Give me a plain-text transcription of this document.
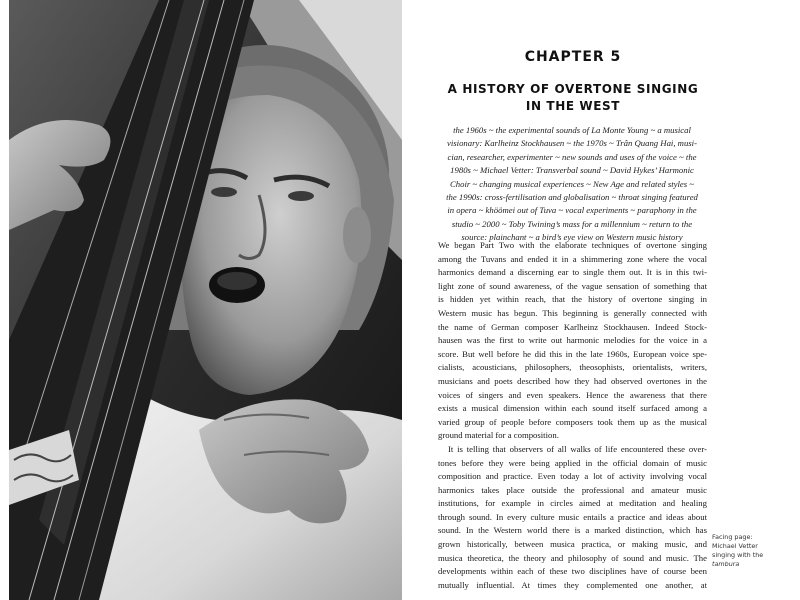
CHAPTER 5
A HISTORY OF OVERTONE SINGING
IN THE WEST

the 1960s ~ the experimental sounds of La Monte Young ~ a musical
visionary: Karlheinz Stockhausen ~ the 1970s ~ Trân Quang Hai, musi-
cian, researcher, experimenter ~ new sounds and uses of the voice ~ the
1980s ~ Michael Vetter: Transverbal sound ~ David Hykes’ Harmonic
Choir ~ changing musical experiences ~ New Age and related styles ~
the 1990s: cross-fertilisation and globalisation ~ throat singing featured
in opera ~ khöömei out of Tuva ~ vocal experiments ~ paraphony in the
studio ~ 2000 ~ Toby Twining’s mass for a millennium ~ return to the
source: plainchant ~ a bird’s eye view on Western music history

We began Part Two with the elaborate techniques of overtone singing
among the Tuvans and ended it in a shimmering zone where the vocal
harmonics demand a discerning ear to single them out. It is in this twi-
light zone of sound awareness, of the vague sensation of something that
is hidden yet within reach, that the history of overtone singing in
Western music has begun. This beginning is generally connected with
the name of German composer Karlheinz Stockhausen. Indeed Stock-
hausen was the first to write out harmonic melodies for the voice in a
score. But well before he did this in the late 1960s, European voice spe-
cialists, acousticians, philosophers, theosophists, orientalists, writers,
musicians and poets described how they had observed overtones in the
voices of singers and even speakers. Hence the awareness that there
exists a musical dimension within each sound itself surfaced among a
varied group of people before composers took them up as the musical
ground material for a composition.
It is telling that observers of all walks of life encountered these over-
tones before they were being applied in the official domain of music
composition and practice. Even today a lot of activity involving vocal
harmonics takes place outside the professional and amateur music
institutions, for example in circles aimed at meditation and healing
through sound. In every culture music entails a practice and ideas about
sound. In the Western world there is a marked distinction, which has
grown historically, between musica practica, or making music, and
musica theoretica, the theory and philosophy of sound and music. The
developments within each of these two disciplines have of course been
mutually influential. At times they complemented one another, at
Facing page:
Michael Vetter
singing with the
tambura
